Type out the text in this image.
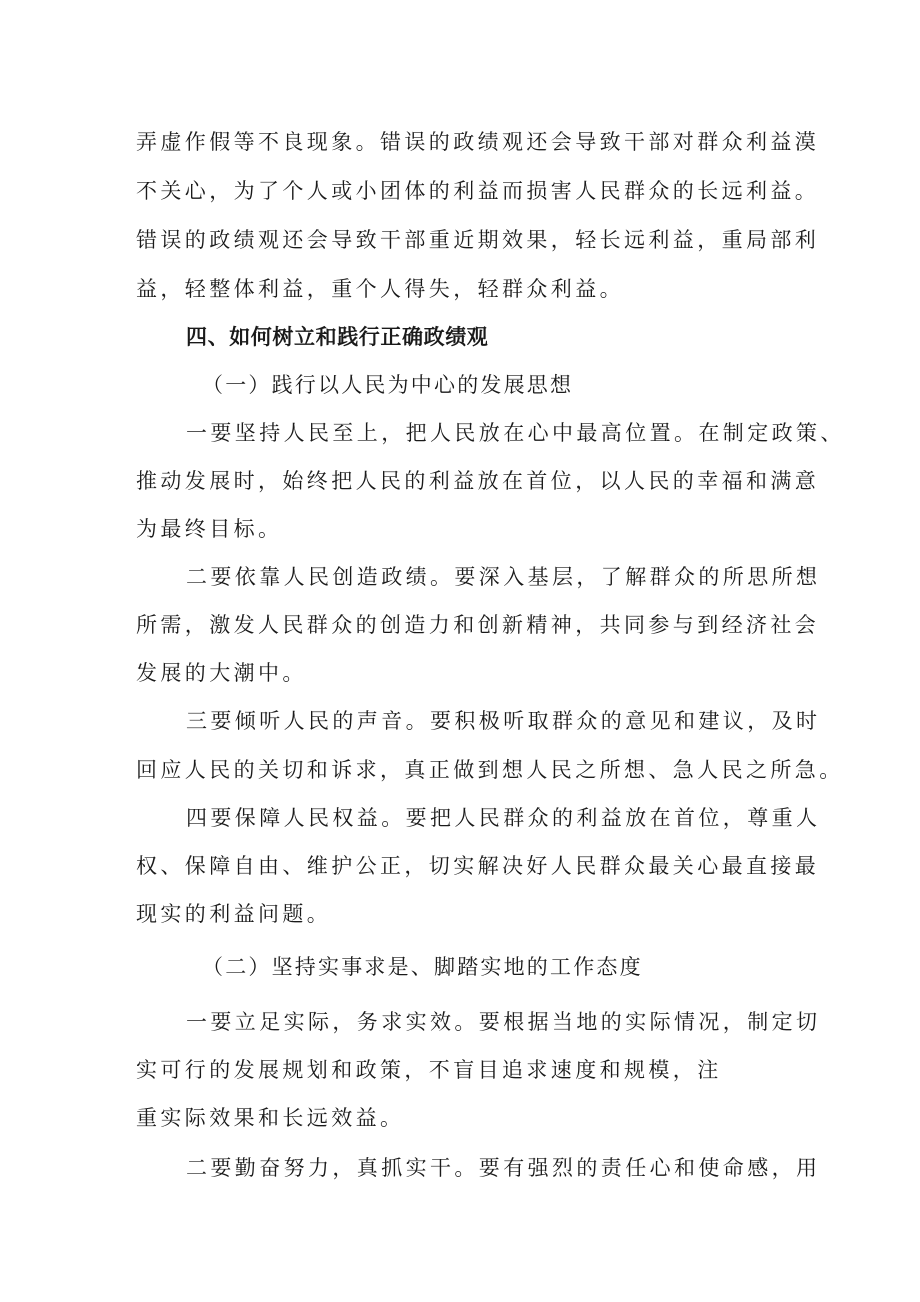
弄虚作假等不良现象。错误的政绩观还会导致干部对群众利益漠
不关心，为了个人或小团体的利益而损害人民群众的长远利益。
错误的政绩观还会导致干部重近期效果，轻长远利益，重局部利
益，轻整体利益，重个人得失，轻群众利益。
四、如何树立和践行正确政绩观
（一）践行以人民为中心的发展思想
一要坚持人民至上，把人民放在心中最高位置。在制定政策、
推动发展时，始终把人民的利益放在首位，以人民的幸福和满意
为最终目标。
二要依靠人民创造政绩。要深入基层，了解群众的所思所想
所需，激发人民群众的创造力和创新精神，共同参与到经济社会
发展的大潮中。
三要倾听人民的声音。要积极听取群众的意见和建议，及时
回应人民的关切和诉求，真正做到想人民之所想、急人民之所急。
四要保障人民权益。要把人民群众的利益放在首位，尊重人
权、保障自由、维护公正，切实解决好人民群众最关心最直接最
现实的利益问题。
（二）坚持实事求是、脚踏实地的工作态度
一要立足实际，务求实效。要根据当地的实际情况，制定切
实可行的发展规划和政策，不盲目追求速度和规模，注
重实际效果和长远效益。
二要勤奋努力，真抓实干。要有强烈的责任心和使命感，用
